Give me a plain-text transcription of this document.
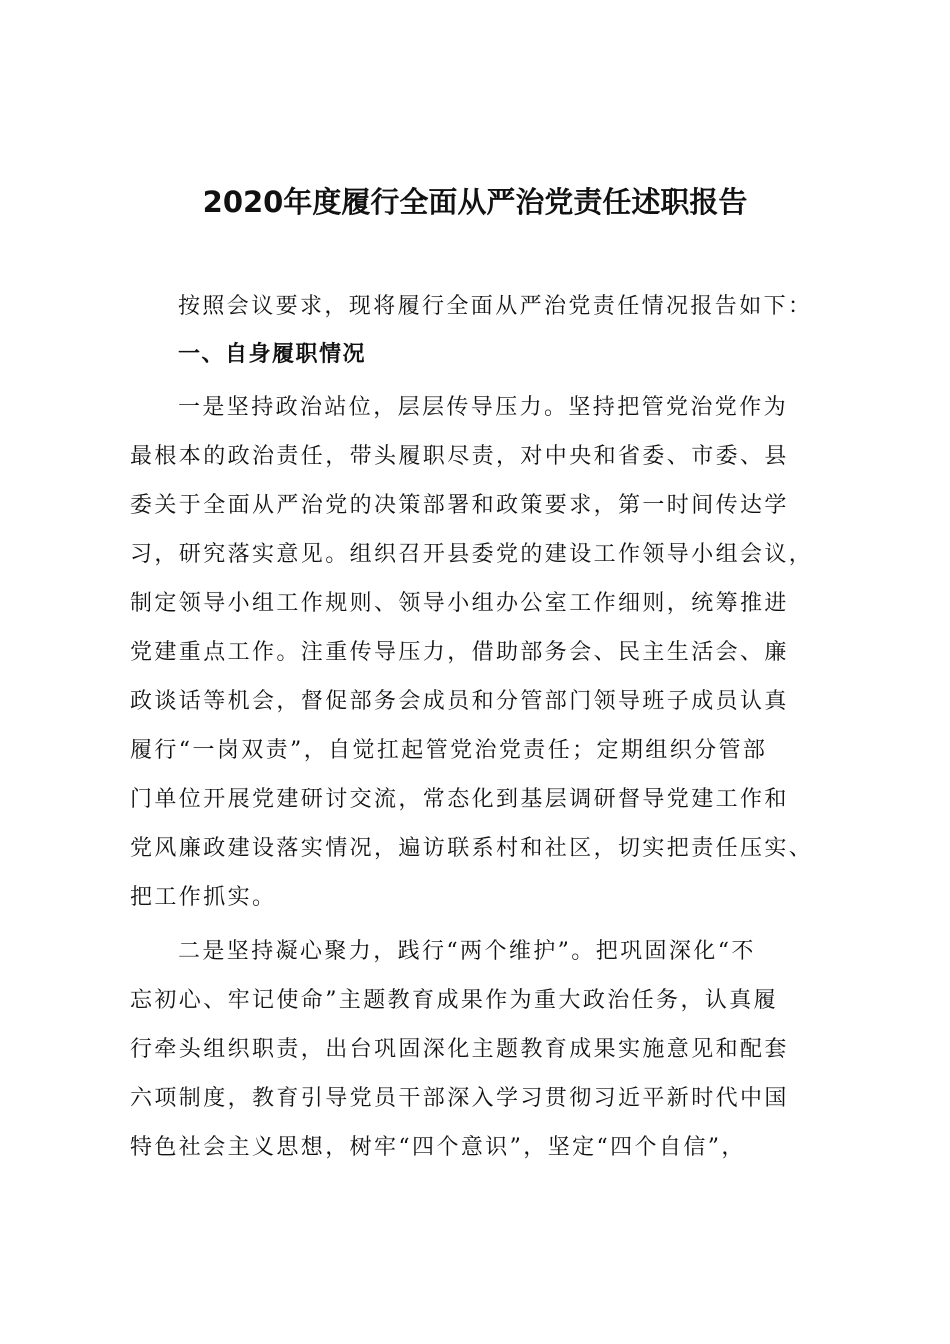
2020年度履行全面从严治党责任述职报告
按照会议要求，现将履行全面从严治党责任情况报告如下：
一、自身履职情况
一是坚持政治站位，层层传导压力。坚持把管党治党作为
最根本的政治责任，带头履职尽责，对中央和省委、市委、县
委关于全面从严治党的决策部署和政策要求，第一时间传达学
习，研究落实意见。组织召开县委党的建设工作领导小组会议，
制定领导小组工作规则、领导小组办公室工作细则，统筹推进
党建重点工作。注重传导压力，借助部务会、民主生活会、廉
政谈话等机会，督促部务会成员和分管部门领导班子成员认真
履行“一岗双责”，自觉扛起管党治党责任；定期组织分管部
门单位开展党建研讨交流，常态化到基层调研督导党建工作和
党风廉政建设落实情况，遍访联系村和社区，切实把责任压实、
把工作抓实。
二是坚持凝心聚力，践行“两个维护”。把巩固深化“不
忘初心、牢记使命”主题教育成果作为重大政治任务，认真履
行牵头组织职责，出台巩固深化主题教育成果实施意见和配套
六项制度，教育引导党员干部深入学习贯彻习近平新时代中国
特色社会主义思想，树牢“四个意识”，坚定“四个自信”，
